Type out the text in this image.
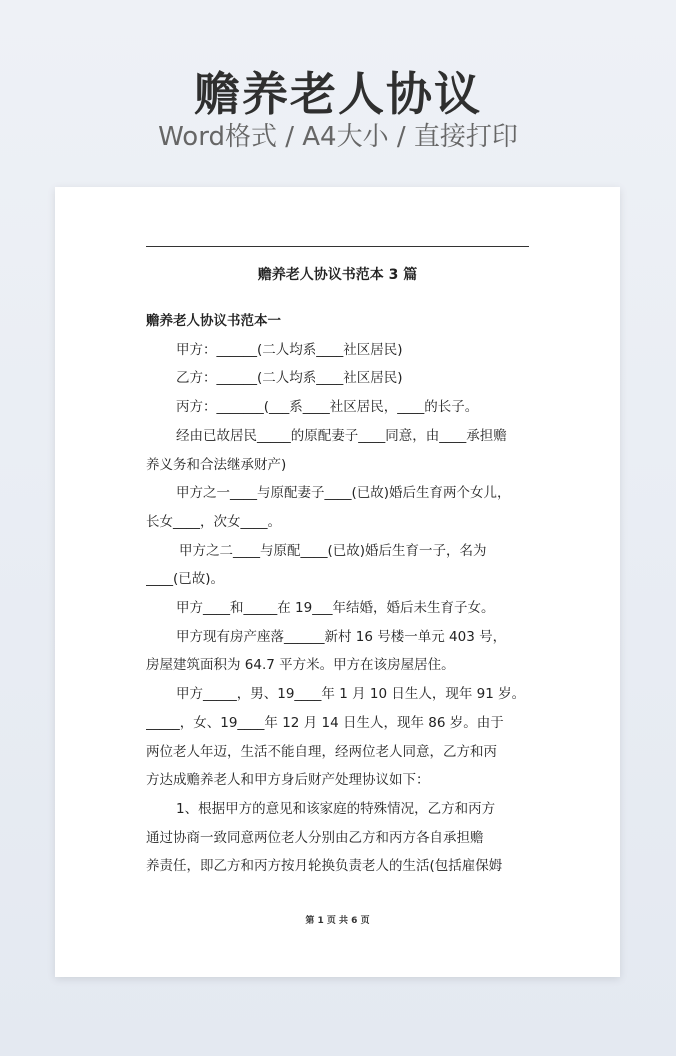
赡养老人协议
Word格式 / A4大小 / 直接打印
赡养老人协议书范本 3 篇

赡养老人协议书范本一

甲方：______(二人均系____社区居民)

乙方：______(二人均系____社区居民)

丙方：_______(___系____社区居民，____的长子。

经由已故居民_____的原配妻子____同意，由____承担赡

养义务和合法继承财产)

甲方之一____与原配妻子____(已故)婚后生育两个女儿，

长女____，次女____。

甲方之二____与原配____(已故)婚后生育一子，名为

____(已故)。

甲方____和_____在 19___年结婚，婚后未生育子女。

甲方现有房产座落______新村 16 号楼一单元 403 号，

房屋建筑面积为 64.7 平方米。甲方在该房屋居住。

甲方_____，男、19____年 1 月 10 日生人，现年 91 岁。

_____，女、19____年 12 月 14 日生人，现年 86 岁。由于

两位老人年迈，生活不能自理，经两位老人同意，乙方和丙

方达成赡养老人和甲方身后财产处理协议如下：

1、根据甲方的意见和该家庭的特殊情况，乙方和丙方

通过协商一致同意两位老人分别由乙方和丙方各自承担赡

养责任，即乙方和丙方按月轮换负责老人的生活(包括雇保姆

第 1 页 共 6 页
